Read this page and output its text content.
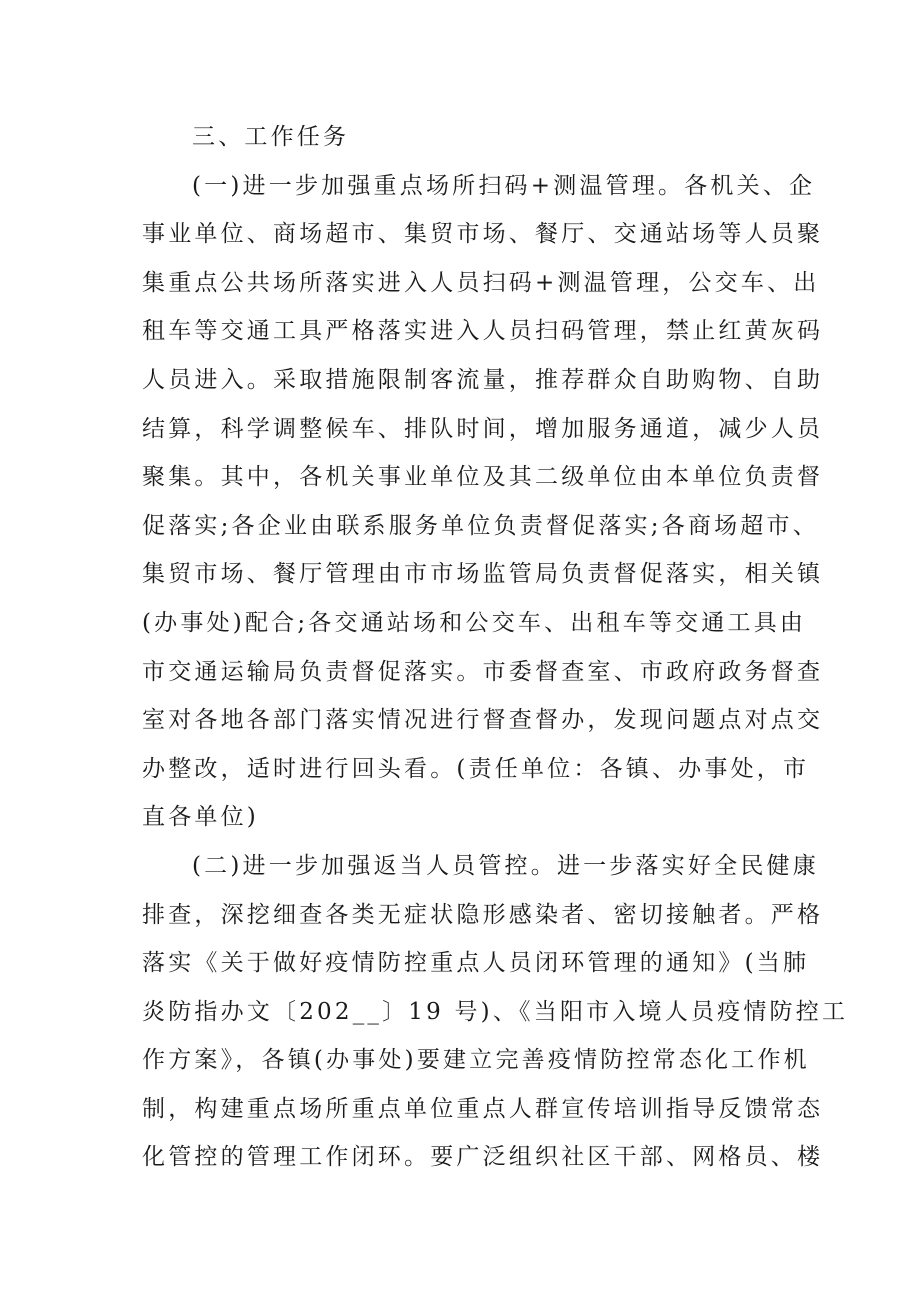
三、工作任务
(一)进一步加强重点场所扫码+测温管理。各机关、企
事业单位、商场超市、集贸市场、餐厅、交通站场等人员聚
集重点公共场所落实进入人员扫码+测温管理，公交车、出
租车等交通工具严格落实进入人员扫码管理，禁止红黄灰码
人员进入。采取措施限制客流量，推荐群众自助购物、自助
结算，科学调整候车、排队时间，增加服务通道，减少人员
聚集。其中，各机关事业单位及其二级单位由本单位负责督
促落实;各企业由联系服务单位负责督促落实;各商场超市、
集贸市场、餐厅管理由市市场监管局负责督促落实，相关镇
(办事处)配合;各交通站场和公交车、出租车等交通工具由
市交通运输局负责督促落实。市委督查室、市政府政务督查
室对各地各部门落实情况进行督查督办，发现问题点对点交
办整改，适时进行回头看。(责任单位：各镇、办事处，市
直各单位)
(二)进一步加强返当人员管控。进一步落实好全民健康
排查，深挖细查各类无症状隐形感染者、密切接触者。严格
落实《关于做好疫情防控重点人员闭环管理的通知》(当肺
炎防指办文〔202__〕19 号)、《当阳市入境人员疫情防控工
作方案》，各镇(办事处)要建立完善疫情防控常态化工作机
制，构建重点场所重点单位重点人群宣传培训指导反馈常态
化管控的管理工作闭环。要广泛组织社区干部、网格员、楼
